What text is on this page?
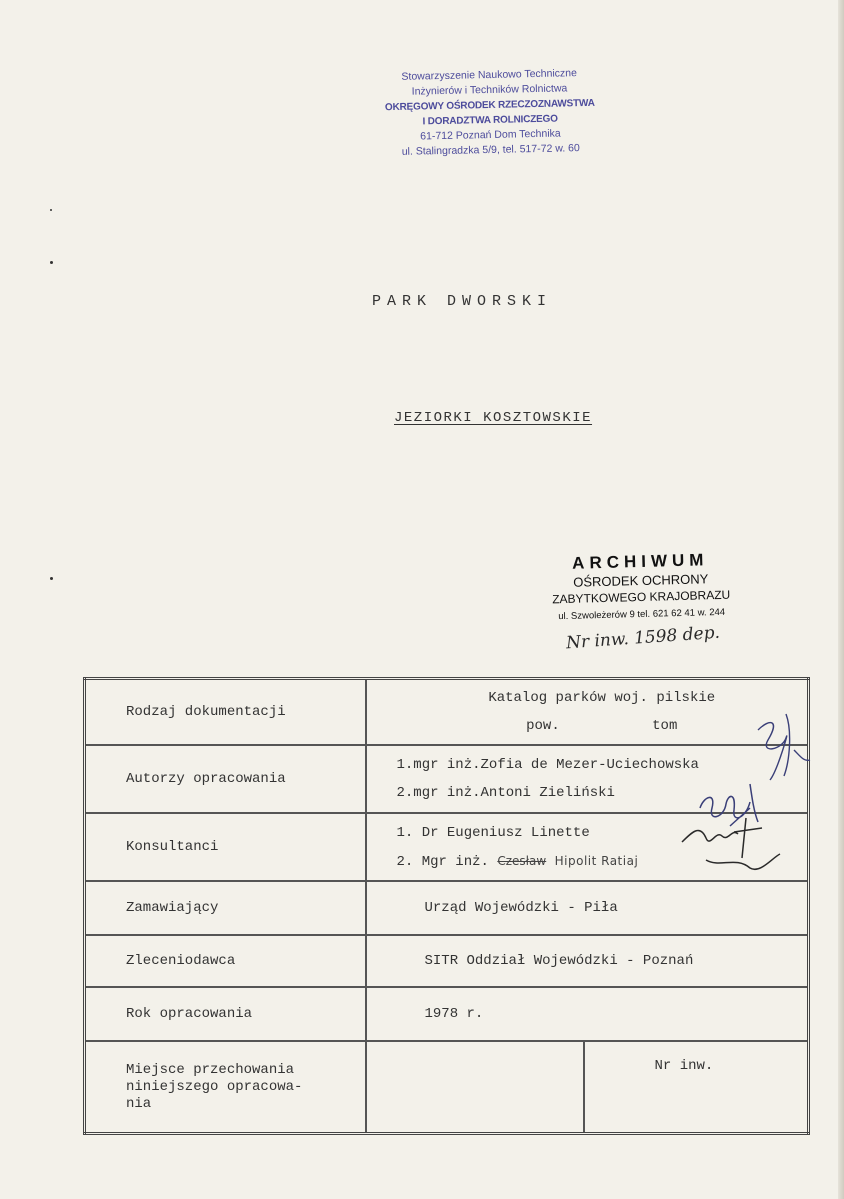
Stowarzyszenie Naukowo Techniczne
Inżynierów i Techników Rolnictwa
OKRĘGOWY OŚRODEK RZECZOZNAWSTWA
I DORADZTWA ROLNICZEGO
61-712 Poznań Dom Technika
ul. Stalingradzka 5/9, tel. 517-72 w. 60
PARK DWORSKI
JEZIORKI KOSZTOWSKIE
ARCHIWUM
OŚRODEK OCHRONY
ZABYTKOWEGO KRAJOBRAZU
ul. Szwoleżerów 9 tel. 621 62 41 w. 244
Nr inw. 1598 dep.
Rodzaj dokumentacji	Katalog parków woj. pilskie
pow.           tom	

Autorzy opracowania	1.mgr inż.Zofia de Mezer-Uciechowska
2.mgr inż.Antoni Zieliński	

Konsultanci	1. Dr Eugeniusz Linette
2. Mgr inż. Czesław Hipolit Ratiaj	

Zamawiający	Urząd Wojewódzki - Piła	
Zleceniodawca	SITR Oddział Wojewódzki - Poznań	
Rok opracowania	1978 r.	

Miejsce przechowania
niniejszego opracowa-
nia		Nr inw.
